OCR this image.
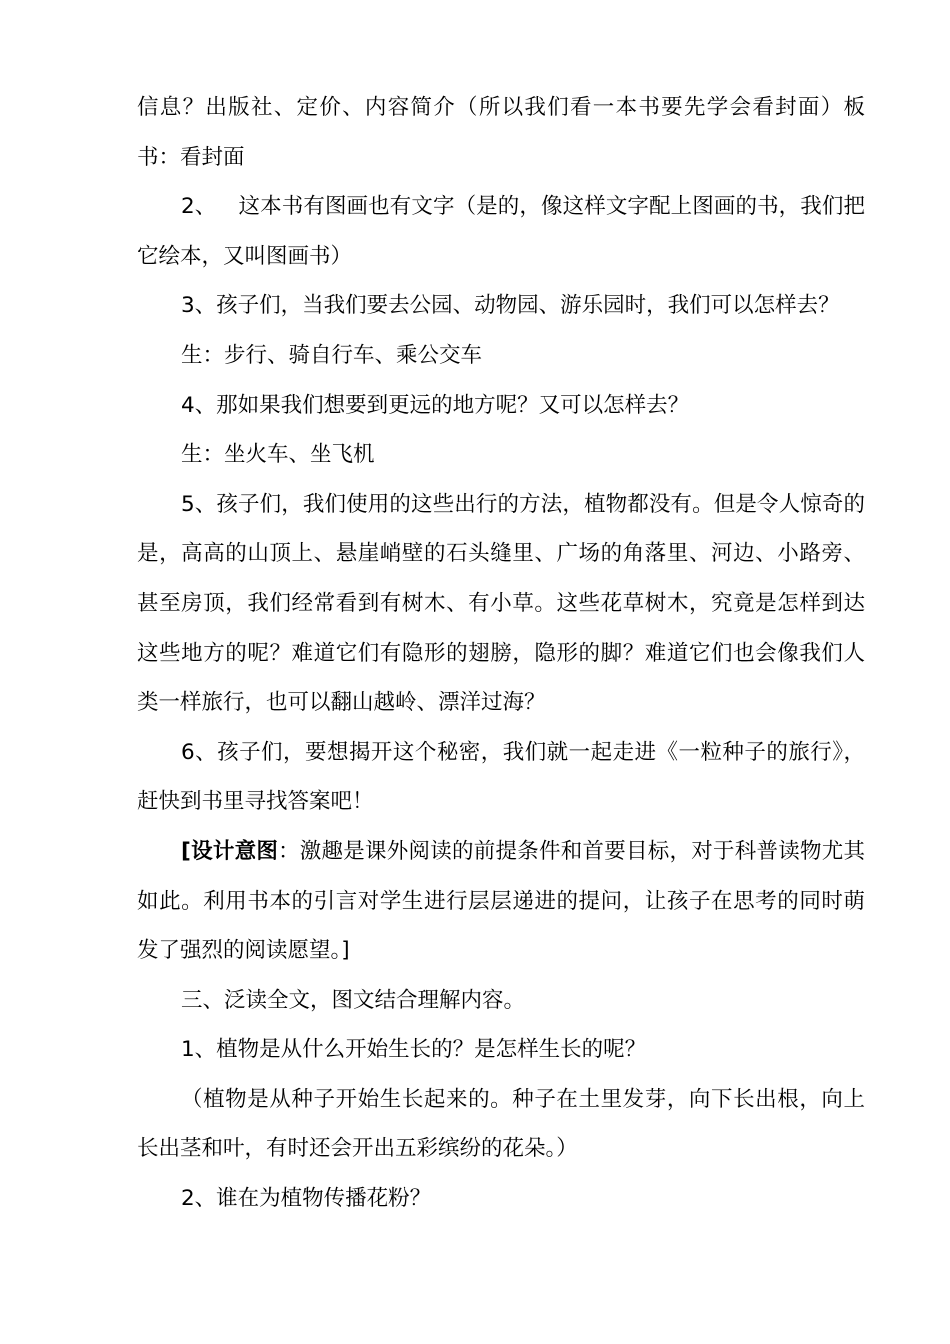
信息？出版社、定价、内容简介（所以我们看一本书要先学会看封面）板书：看封面

2、 这本书有图画也有文字（是的，像这样文字配上图画的书，我们把它绘本，又叫图画书）

3、孩子们，当我们要去公园、动物园、游乐园时，我们可以怎样去？

生：步行、骑自行车、乘公交车

4、那如果我们想要到更远的地方呢？又可以怎样去？

生：坐火车、坐飞机

5、孩子们，我们使用的这些出行的方法，植物都没有。但是令人惊奇的是，高高的山顶上、悬崖峭壁的石头缝里、广场的角落里、河边、小路旁、甚至房顶，我们经常看到有树木、有小草。这些花草树木，究竟是怎样到达这些地方的呢？难道它们有隐形的翅膀，隐形的脚？难道它们也会像我们人类一样旅行，也可以翻山越岭、漂洋过海？

6、孩子们，要想揭开这个秘密，我们就一起走进《一粒种子的旅行》，赶快到书里寻找答案吧！

[设计意图：激趣是课外阅读的前提条件和首要目标，对于科普读物尤其如此。利用书本的引言对学生进行层层递进的提问，让孩子在思考的同时萌发了强烈的阅读愿望。]

三、泛读全文，图文结合理解内容。

1、植物是从什么开始生长的？是怎样生长的呢？

（植物是从种子开始生长起来的。种子在土里发芽，向下长出根，向上长出茎和叶，有时还会开出五彩缤纷的花朵。）

2、谁在为植物传播花粉？
